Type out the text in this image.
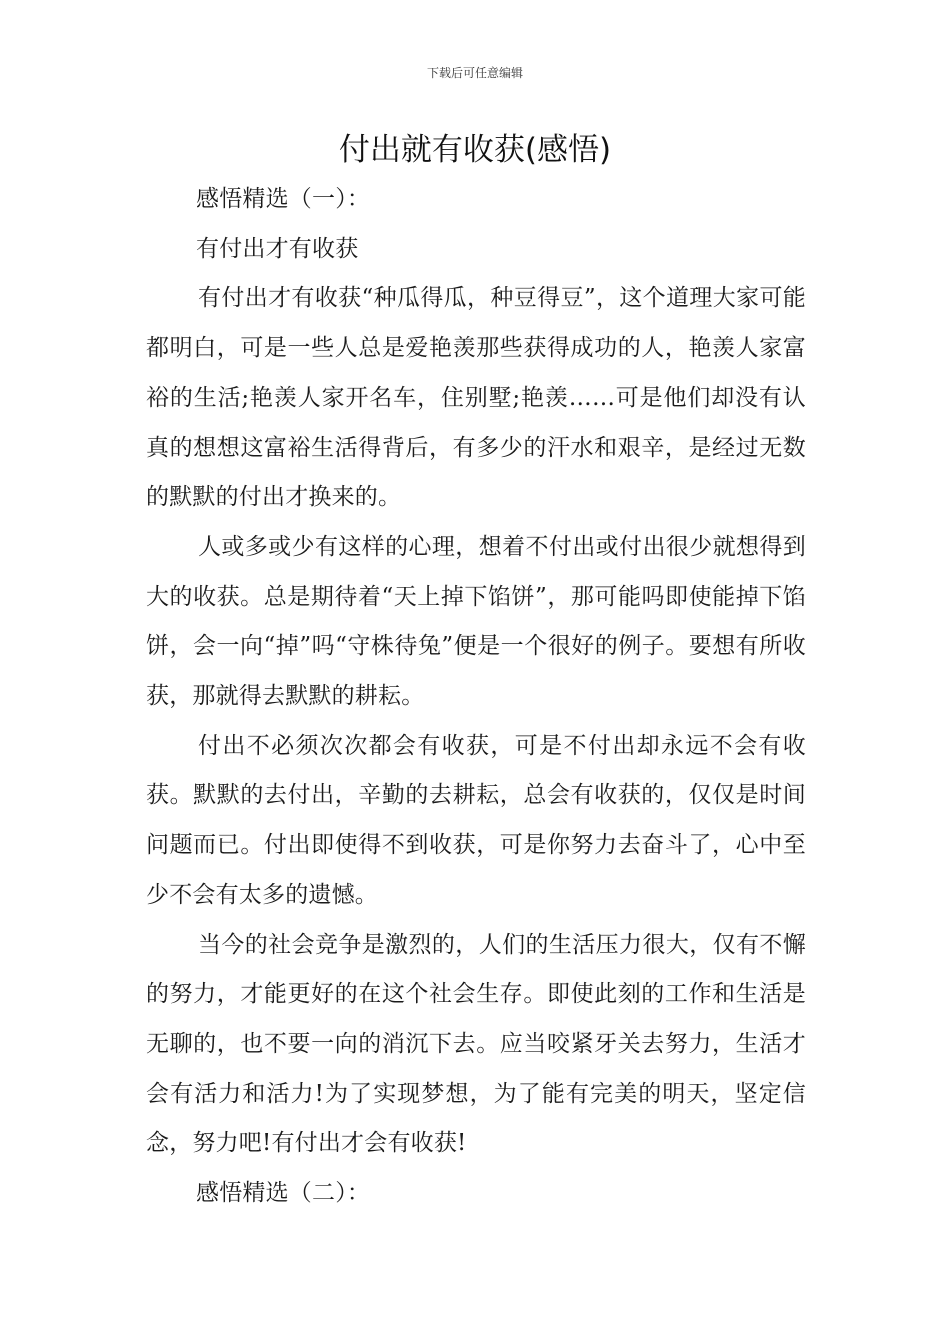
下载后可任意编辑
付出就有收获(感悟)

感悟精选（一）：

有付出才有收获

有付出才有收获“种瓜得瓜，种豆得豆”，这个道理大家可能都明白，可是一些人总是爱艳羡那些获得成功的人，艳羡人家富裕的生活;艳羡人家开名车，住别墅;艳羡……可是他们却没有认真的想想这富裕生活得背后，有多少的汗水和艰辛，是经过无数的默默的付出才换来的。

人或多或少有这样的心理，想着不付出或付出很少就想得到大的收获。总是期待着“天上掉下馅饼”，那可能吗即使能掉下馅饼，会一向“掉”吗“守株待兔”便是一个很好的例子。要想有所收获，那就得去默默的耕耘。

付出不必须次次都会有收获，可是不付出却永远不会有收获。默默的去付出，辛勤的去耕耘，总会有收获的，仅仅是时间问题而已。付出即使得不到收获，可是你努力去奋斗了，心中至少不会有太多的遗憾。

当今的社会竞争是激烈的，人们的生活压力很大，仅有不懈的努力，才能更好的在这个社会生存。即使此刻的工作和生活是无聊的，也不要一向的消沉下去。应当咬紧牙关去努力，生活才会有活力和活力!为了实现梦想，为了能有完美的明天，坚定信念，努力吧!有付出才会有收获!

感悟精选（二）：
